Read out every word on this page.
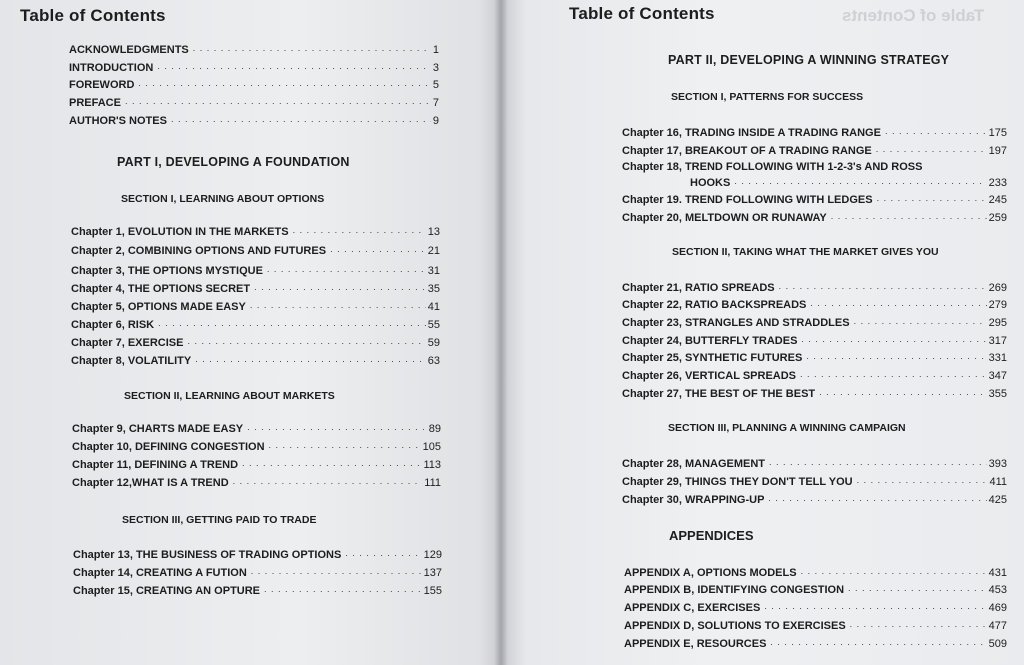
Table of Contents
ACKNOWLEDGMENTS . . .	1
INTRODUCTION . . .	3
FOREWORD . . .	5
PREFACE . . .	7
AUTHOR'S NOTES . . .	9
PART I, DEVELOPING A FOUNDATION
SECTION I, LEARNING ABOUT OPTIONS
Chapter 1, EVOLUTION IN THE MARKETS . . .	13
Chapter 2, COMBINING OPTIONS AND FUTURES . . .	21
Chapter 3, THE OPTIONS MYSTIQUE . . .	31
Chapter 4, THE OPTIONS SECRET . . .	35
Chapter 5, OPTIONS MADE EASY . . .	41
Chapter 6, RISK . . .	55
Chapter 7, EXERCISE . . .	59
Chapter 8, VOLATILITY . . .	63
SECTION II, LEARNING ABOUT MARKETS
Chapter 9, CHARTS MADE EASY . . .	89
Chapter 10, DEFINING CONGESTION . . .	105
Chapter 11, DEFINING A TREND . . .	113
Chapter 12,WHAT IS A TREND . . .	111
SECTION III, GETTING PAID TO TRADE
Chapter 13, THE BUSINESS OF TRADING OPTIONS . . .	129
Chapter 14, CREATING A FUTION . . .	137
Chapter 15, CREATING AN OPTURE . . .	155
Table of Contents	Table of Contents
PART II, DEVELOPING A WINNING STRATEGY
SECTION I, PATTERNS FOR SUCCESS
Chapter 16, TRADING INSIDE A TRADING RANGE . . .	175
Chapter 17, BREAKOUT OF A TRADING RANGE . . .	197
Chapter 18, TREND FOLLOWING WITH 1-2-3's AND ROSS
HOOKS . . .	233
Chapter 19. TREND FOLLOWING WITH LEDGES . . .	245
Chapter 20, MELTDOWN OR RUNAWAY . . .	259
SECTION II, TAKING WHAT THE MARKET GIVES YOU
Chapter 21, RATIO SPREADS . . .	269
Chapter 22, RATIO BACKSPREADS . . .	279
Chapter 23, STRANGLES AND STRADDLES . . .	295
Chapter 24, BUTTERFLY TRADES . . .	317
Chapter 25, SYNTHETIC FUTURES . . .	331
Chapter 26, VERTICAL SPREADS . . .	347
Chapter 27, THE BEST OF THE BEST . . .	355
SECTION III, PLANNING A WINNING CAMPAIGN
Chapter 28, MANAGEMENT . . .	393
Chapter 29, THINGS THEY DON'T TELL YOU . . .	411
Chapter 30, WRAPPING-UP . . .	425
APPENDICES
APPENDIX A, OPTIONS MODELS . . .	431
APPENDIX B, IDENTIFYING CONGESTION . . .	453
APPENDIX C, EXERCISES . . .	469
APPENDIX D, SOLUTIONS TO EXERCISES . . .	477
APPENDIX E, RESOURCES . . .	509
